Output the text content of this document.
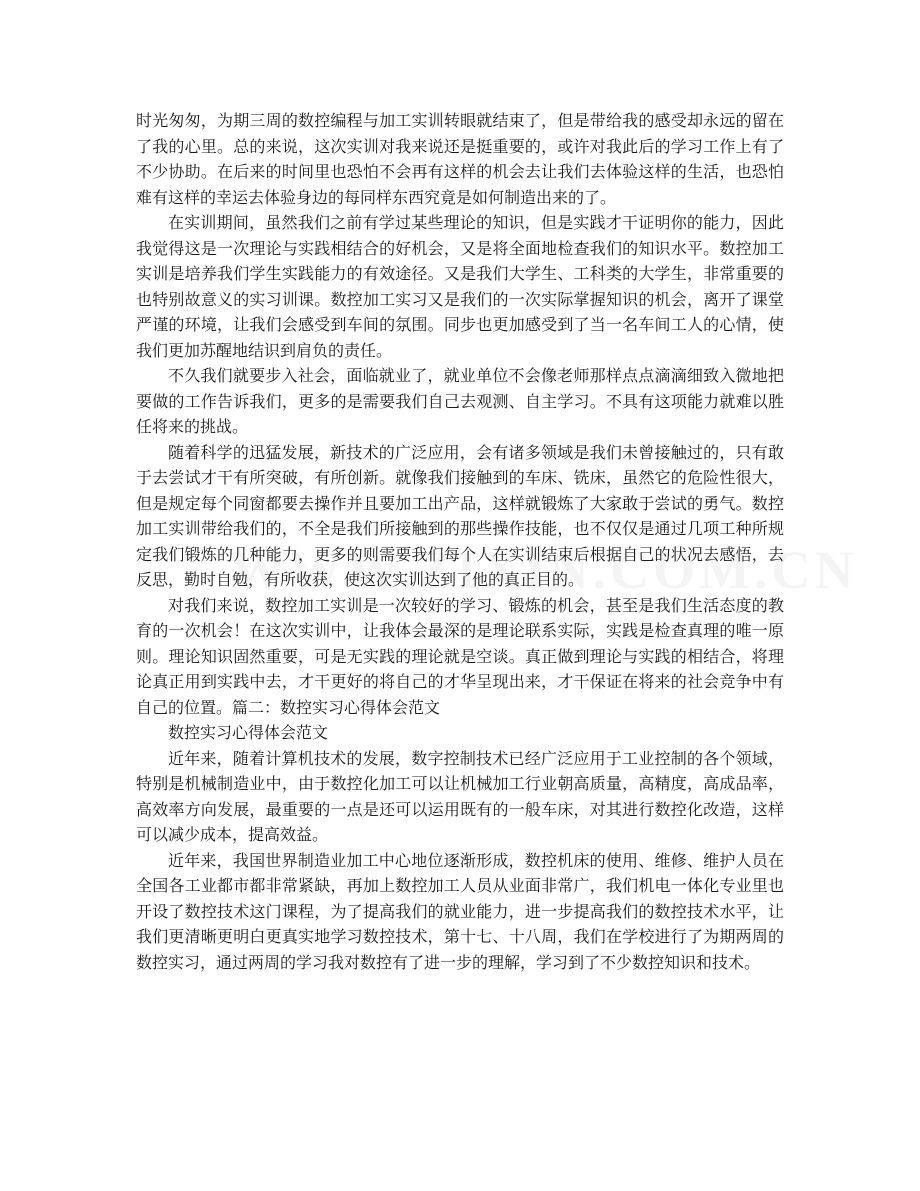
时光匆匆，为期三周的数控编程与加工实训转眼就结束了，但是带给我的感受却永远的留在了我的心里。总的来说，这次实训对我来说还是挺重要的，或许对我此后的学习工作上有了不少协助。在后来的时间里也恐怕不会再有这样的机会去让我们去体验这样的生活，也恐怕难有这样的幸运去体验身边的每同样东西究竟是如何制造出来的了。

在实训期间，虽然我们之前有学过某些理论的知识，但是实践才干证明你的能力，因此我觉得这是一次理论与实践相结合的好机会，又是将全面地检查我们的知识水平。数控加工实训是培养我们学生实践能力的有效途径。又是我们大学生、工科类的大学生，非常重要的也特别故意义的实习训课。数控加工实习又是我们的一次实际掌握知识的机会，离开了课堂严谨的环境，让我们会感受到车间的氛围。同步也更加感受到了当一名车间工人的心情，使我们更加苏醒地结识到肩负的责任。

不久我们就要步入社会，面临就业了，就业单位不会像老师那样点点滴滴细致入微地把要做的工作告诉我们，更多的是需要我们自己去观测、自主学习。不具有这项能力就难以胜任将来的挑战。

随着科学的迅猛发展，新技术的广泛应用，会有诸多领域是我们未曾接触过的，只有敢于去尝试才干有所突破，有所创新。就像我们接触到的车床、铣床，虽然它的危险性很大，但是规定每个同窗都要去操作并且要加工出产品，这样就锻炼了大家敢于尝试的勇气。数控加工实训带给我们的，不全是我们所接触到的那些操作技能，也不仅仅是通过几项工种所规定我们锻炼的几种能力，更多的则需要我们每个人在实训结束后根据自己的状况去感悟，去反思，勤时自勉，有所收获，使这次实训达到了他的真正目的。

对我们来说，数控加工实训是一次较好的学习、锻炼的机会，甚至是我们生活态度的教育的一次机会！在这次实训中，让我体会最深的是理论联系实际，实践是检查真理的唯一原则。理论知识固然重要，可是无实践的理论就是空谈。真正做到理论与实践的相结合，将理论真正用到实践中去，才干更好的将自己的才华呈现出来，才干保证在将来的社会竞争中有自己的位置。篇二：数控实习心得体会范文

数控实习心得体会范文

近年来，随着计算机技术的发展，数字控制技术已经广泛应用于工业控制的各个领域，特别是机械制造业中，由于数控化加工可以让机械加工行业朝高质量，高精度，高成品率，高效率方向发展，最重要的一点是还可以运用既有的一般车床，对其进行数控化改造，这样可以减少成本，提高效益。

近年来，我国世界制造业加工中心地位逐渐形成，数控机床的使用、维修、维护人员在全国各工业都市都非常紧缺，再加上数控加工人员从业面非常广，我们机电一体化专业里也开设了数控技术这门课程，为了提高我们的就业能力，进一步提高我们的数控技术水平，让我们更清晰更明白更真实地学习数控技术，第十七、十八周，我们在学校进行了为期两周的数控实习，通过两周的学习我对数控有了进一步的理解，学习到了不少数控知识和技术。
